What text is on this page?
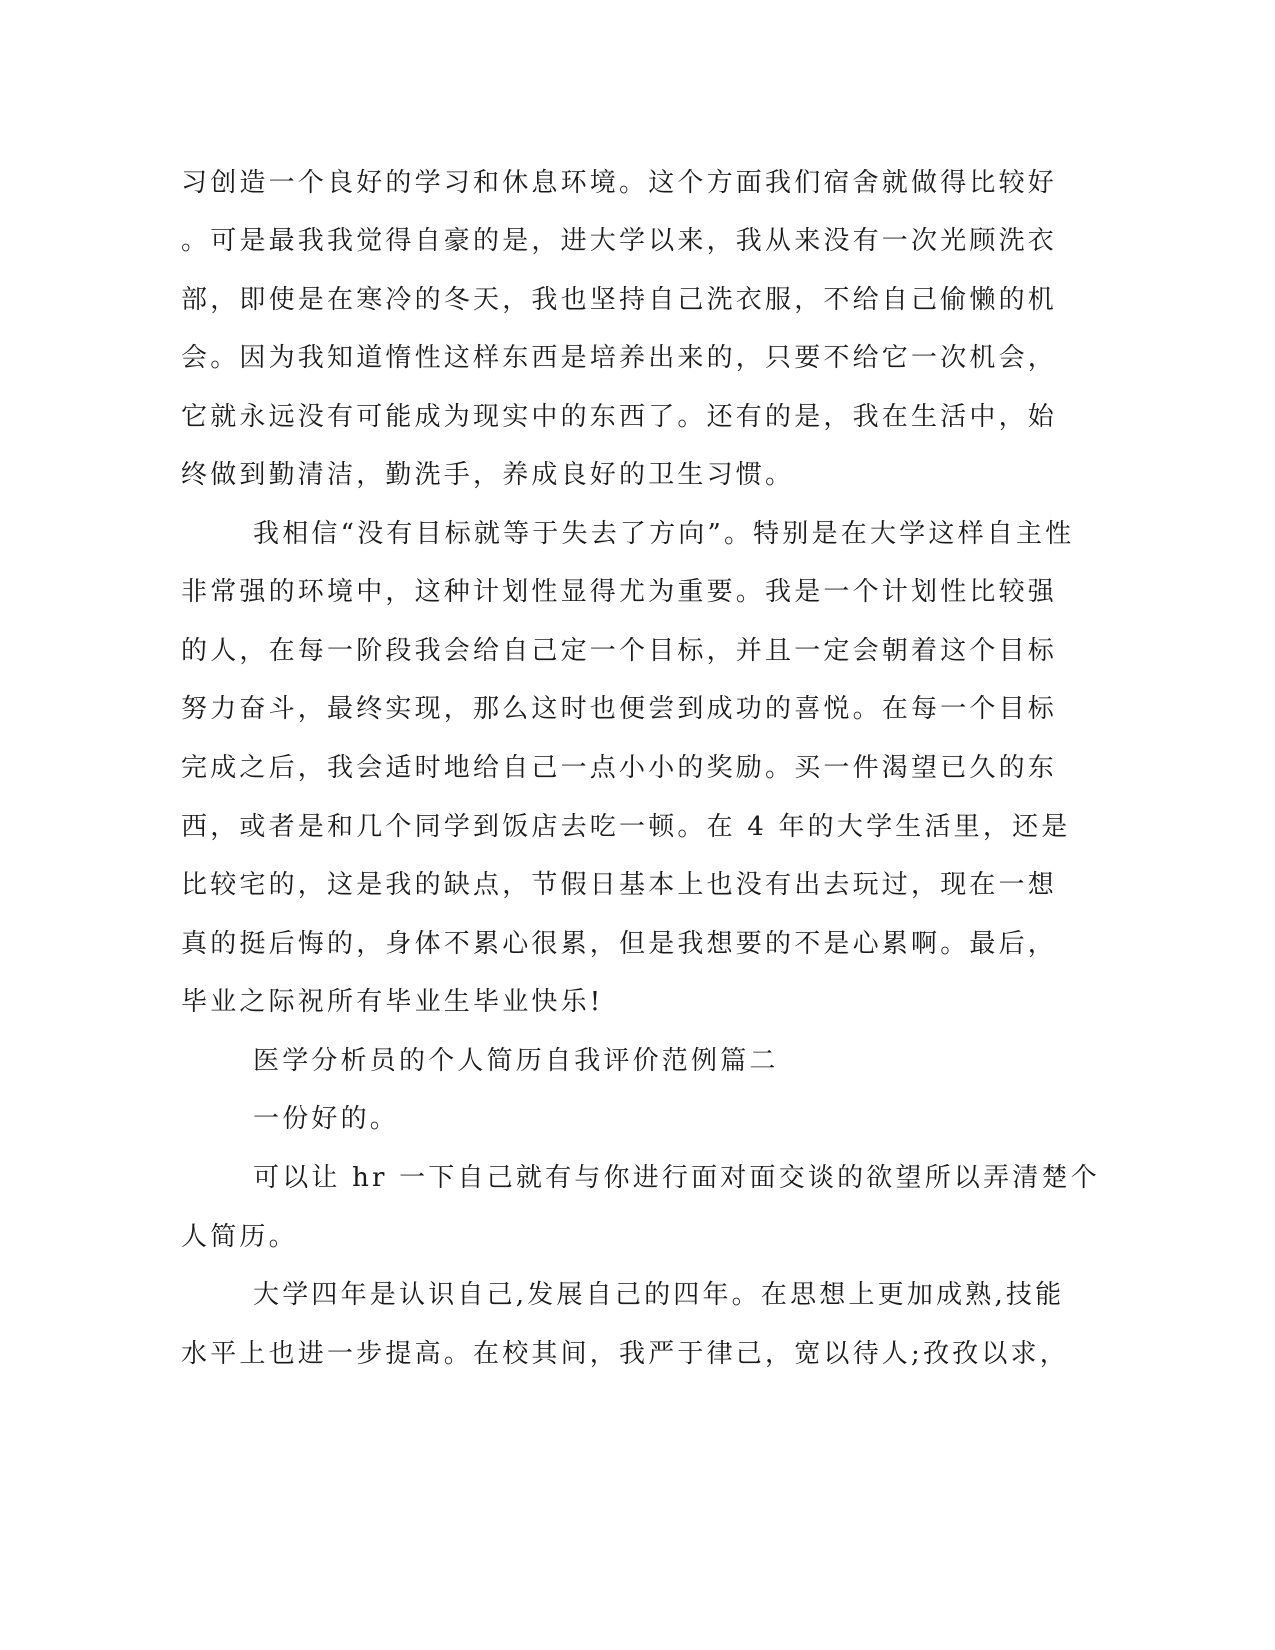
习创造一个良好的学习和休息环境。这个方面我们宿舍就做得比较好

。可是最我我觉得自豪的是，进大学以来，我从来没有一次光顾洗衣

部，即使是在寒冷的冬天，我也坚持自己洗衣服，不给自己偷懒的机

会。因为我知道惰性这样东西是培养出来的，只要不给它一次机会，

它就永远没有可能成为现实中的东西了。还有的是，我在生活中，始

终做到勤清洁，勤洗手，养成良好的卫生习惯。

我相信“没有目标就等于失去了方向”。特别是在大学这样自主性

非常强的环境中，这种计划性显得尤为重要。我是一个计划性比较强

的人，在每一阶段我会给自己定一个目标，并且一定会朝着这个目标

努力奋斗，最终实现，那么这时也便尝到成功的喜悦。在每一个目标

完成之后，我会适时地给自己一点小小的奖励。买一件渴望已久的东

西，或者是和几个同学到饭店去吃一顿。在 4 年的大学生活里，还是

比较宅的，这是我的缺点，节假日基本上也没有出去玩过，现在一想

真的挺后悔的，身体不累心很累，但是我想要的不是心累啊。最后，

毕业之际祝所有毕业生毕业快乐!

医学分析员的个人简历自我评价范例篇二

一份好的。

可以让 hr 一下自己就有与你进行面对面交谈的欲望所以弄清楚个

人简历。

大学四年是认识自己,发展自己的四年。在思想上更加成熟,技能

水平上也进一步提高。在校其间，我严于律己，宽以待人;孜孜以求，
